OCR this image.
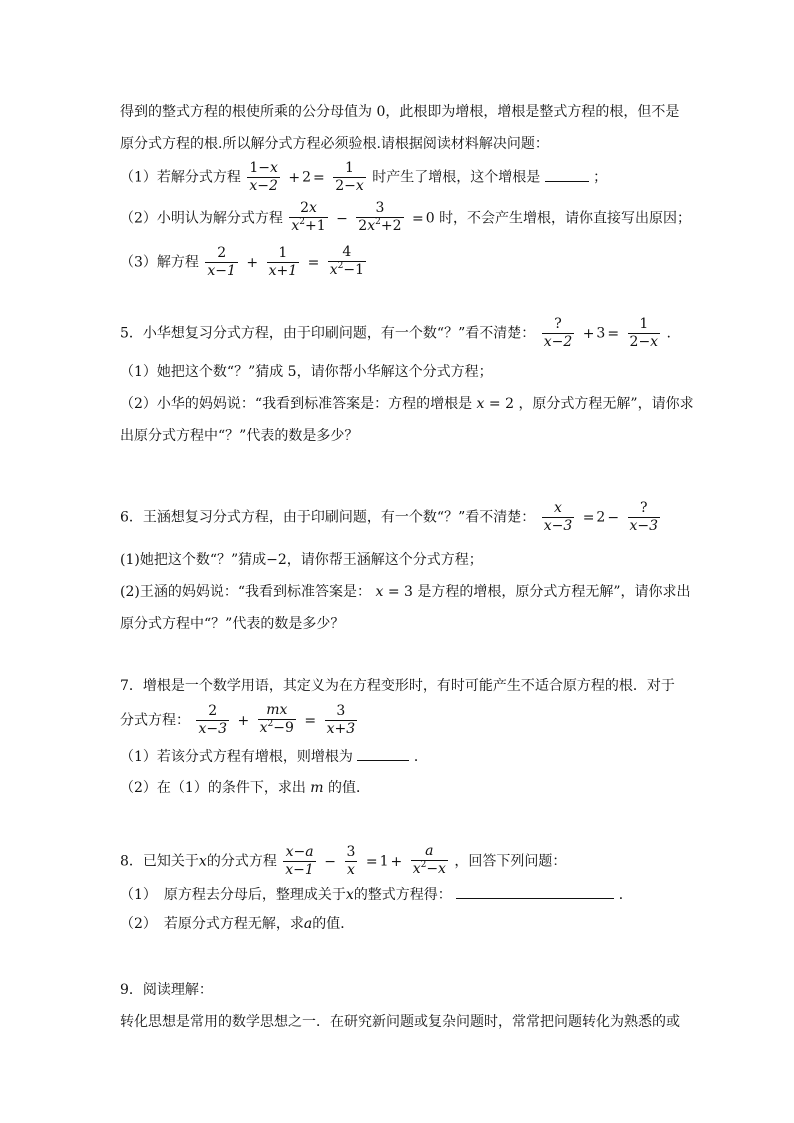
得到的整式方程的根使所乘的公分母值为 0，此根即为增根，增根是整式方程的根，但不是
原分式方程的根.所以解分式方程必须验根.请根据阅读材料解决问题：
（1）若解分式方程 $\frac{1-x}{x-2} + 2 = \frac{1}{2-x}$ 时产生了增根，这个增根是	；
（2）小明认为解分式方程 $\frac{2x}{x^2+1} - \frac{3}{2x^2+2} = 0$ 时，不会产生增根，请你直接写出原因；
（3）解方程 $\frac{2}{x-1} + \frac{1}{x+1} = \frac{4}{x^2-1}$
5．小华想复习分式方程，由于印刷问题，有一个数“？”看不清楚： $\frac{?}{x-2} + 3 = \frac{1}{2-x}$ .
（1）她把这个数“？”猜成 5，请你帮小华解这个分式方程；
（2）小华的妈妈说：“我看到标准答案是：方程的增根是 x = 2 ，原分式方程无解”，请你求
出原分式方程中“？”代表的数是多少？
6．王涵想复习分式方程，由于印刷问题，有一个数“？”看不清楚： $\frac{x}{x-3} = 2 - \frac{?}{x-3}$
(1)她把这个数“？”猜成−2，请你帮王涵解这个分式方程；
(2)王涵的妈妈说：“我看到标准答案是： x = 3 是方程的增根，原分式方程无解”，请你求出
原分式方程中“？”代表的数是多少？
7．增根是一个数学用语，其定义为在方程变形时，有时可能产生不适合原方程的根．对于
分式方程： $\frac{2}{x-3} + \frac{mx}{x^2-9} = \frac{3}{x+3}$
（1）若该分式方程有增根，则增根为	．
（2）在（1）的条件下，求出 m 的值．
8．已知关于x的分式方程 $\frac{x-a}{x-1} - \frac{3}{x} = 1 + \frac{a}{x^2-x}$ ，回答下列问题：
（1）　原方程去分母后，整理成关于x的整式方程得：	．
（2）　若原分式方程无解，求a的值．
9．阅读理解：
转化思想是常用的数学思想之一．在研究新问题或复杂问题时，常常把问题转化为熟悉的或
